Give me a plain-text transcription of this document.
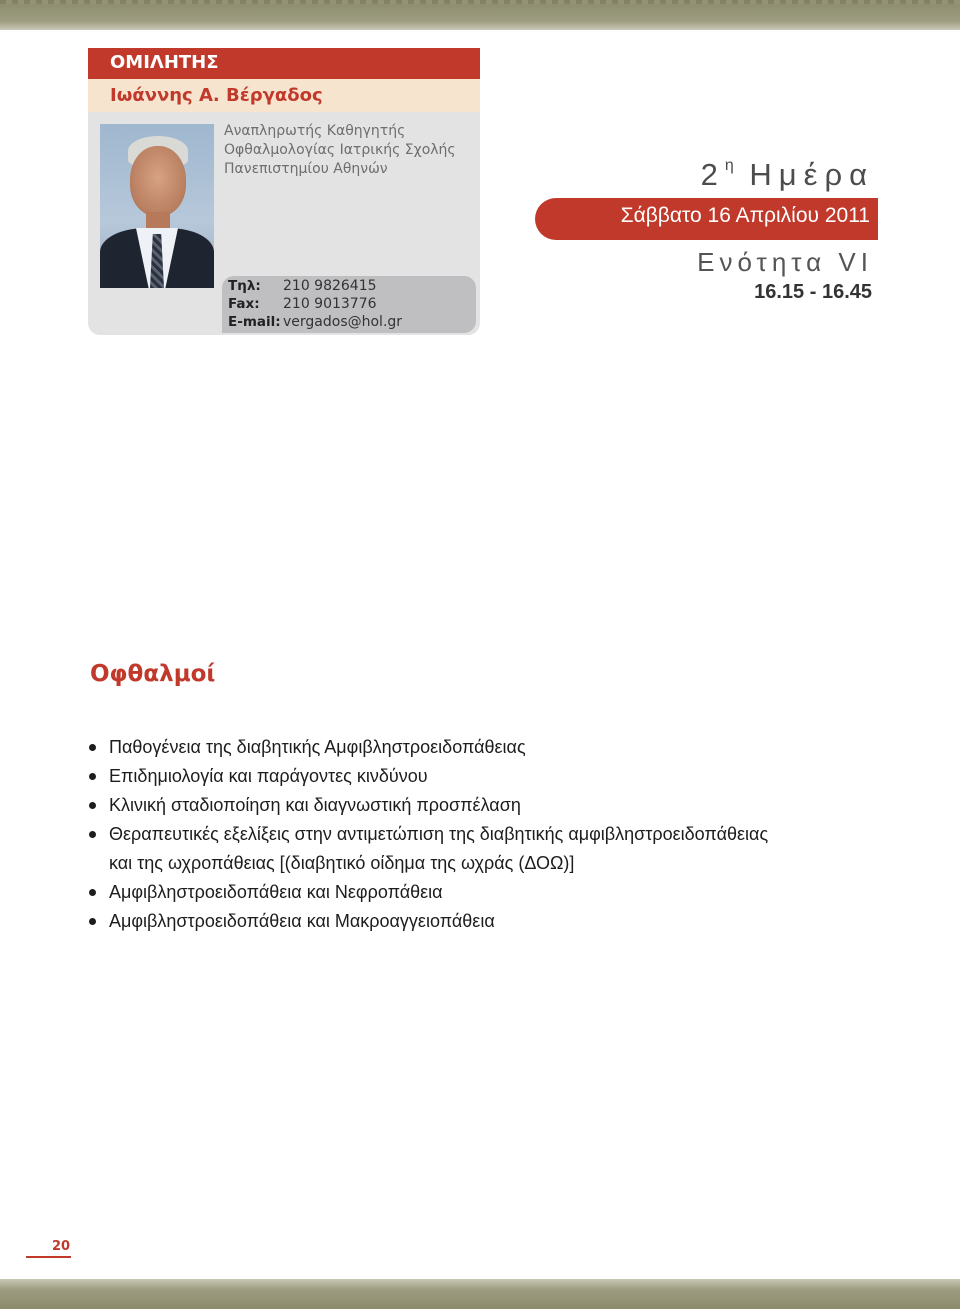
ΟΜΙΛΗΤΗΣ
Ιωάννης Α. Βέργαδος
Αναπληρωτής Καθηγητής
Οφθαλμολογίας Ιατρικής Σχολής
Πανεπιστημίου Αθηνών
Τηλ: 210 9826415
Fax: 210 9013776
E-mail: vergados@hol.gr
$2^\eta$ Ημέρα
Σάββατο 16 Απριλίου 2011
Ενότητα VI
16.15 - 16.45
Οφθαλμοί
Παθογένεια της διαβητικής Αμφιβληστροειδοπάθειας
Επιδημιολογία και παράγοντες κινδύνου
Κλινική σταδιοποίηση και διαγνωστική προσπέλαση
Θεραπευτικές εξελίξεις στην αντιμετώπιση της διαβητικής αμφιβληστροειδοπάθειας
και της ωχροπάθειας [(διαβητικό οίδημα της ωχράς (ΔΟΩ)]
Αμφιβληστροειδοπάθεια και Νεφροπάθεια
Αμφιβληστροειδοπάθεια και Μακροαγγειοπάθεια
20
